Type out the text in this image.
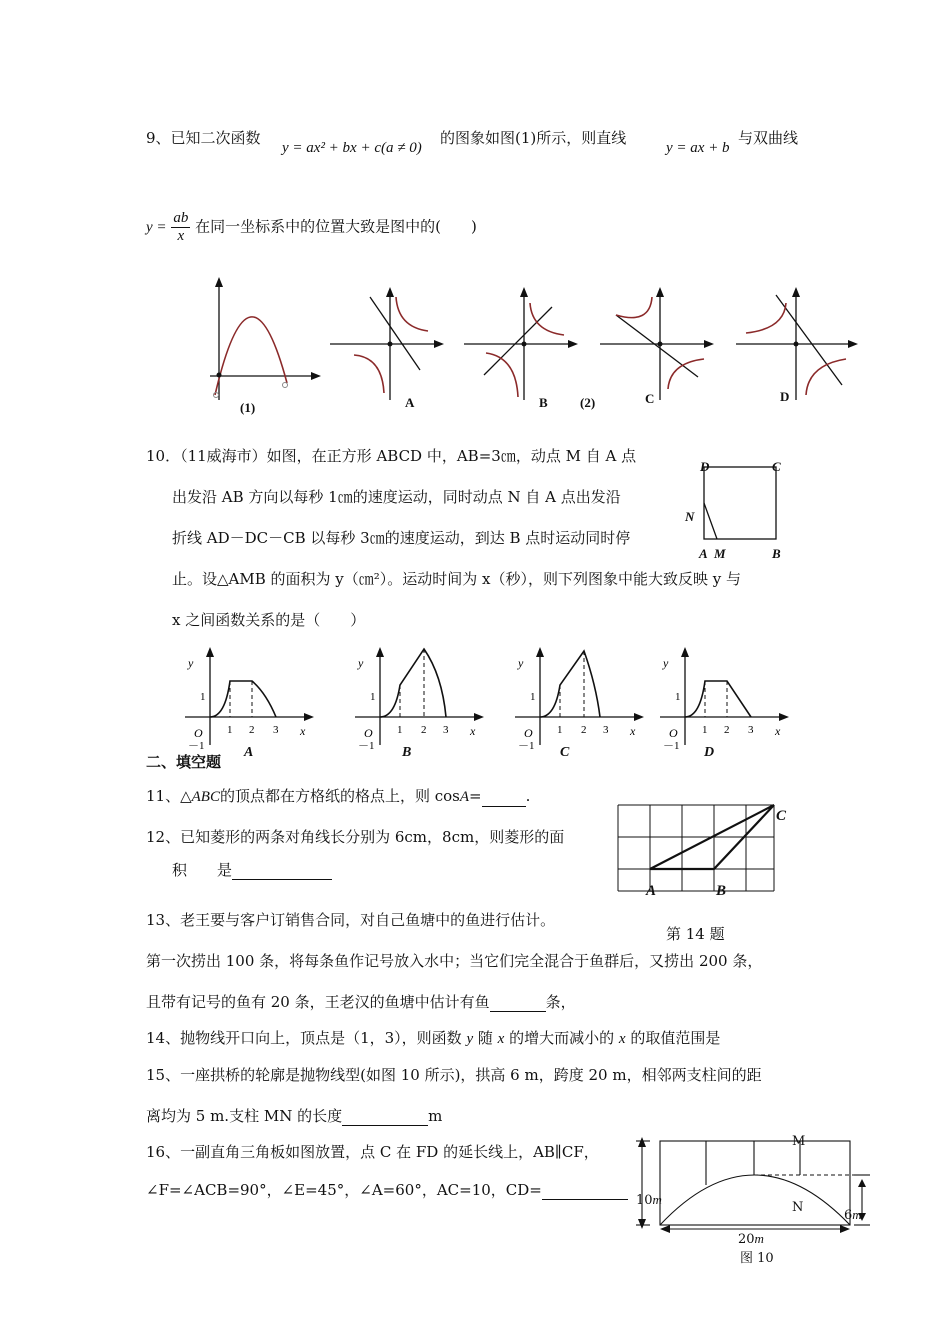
9、已知二次函数
y = ax² + bx + c(a ≠ 0)
的图象如图(1)所示，则直线
y = ax + b
与双曲线
$y = \frac{ab}{x}$ 在同一坐标系中的位置大致是图中的(　　)
(1)	A	B (2)	C	D
10．（11威海市）如图，在正方形 ABCD 中，AB=3㎝，动点 M 自 A 点
出发沿 AB 方向以每秒 1㎝的速度运动，同时动点 N 自 A 点出发沿
折线 AD－DC－CB 以每秒 3㎝的速度运动，到达 B 点时运动同时停
止。设△AMB 的面积为 y（㎝²）。运动时间为 x（秒），则下列图象中能大致反映 y 与
x 之间函数关系的是（　　）
D	C
N
A M	B
y
1
1 2 3 x
O
－1	A
y
1
1 2 3 x
O
－1 B
y
1
1 2 3 x
O
－1 C
y
1
1 2 3 x
O
－1 D
二、填空题
11、△ABC的顶点都在方格纸的格点上，则 cosA=	.
12、已知菱形的两条对角线长分别为 6cm，8cm，则菱形的面
积　　是
C
A	B
第 14 题
13、老王要与客户订销售合同，对自己鱼塘中的鱼进行估计。
第一次捞出 100 条，将每条鱼作记号放入水中；当它们完全混合于鱼群后，又捞出 200 条，
且带有记号的鱼有 20 条，王老汉的鱼塘中估计有鱼	条，
14、抛物线开口向上，顶点是（1，3），则函数 y 随 x 的增大而减小的 x 的取值范围是
15、一座拱桥的轮廓是抛物线型(如图 10 所示)，拱高 6 m，跨度 20 m，相邻两支柱间的距
离均为 5 m.支柱 MN 的长度	m
16、一副直角三角板如图放置，点 C 在 FD 的延长线上，AB∥CF，
∠F=∠ACB=90°，∠E=45°，∠A=60°，AC=10，CD=
M
N
10m
6m
20m
图 10
